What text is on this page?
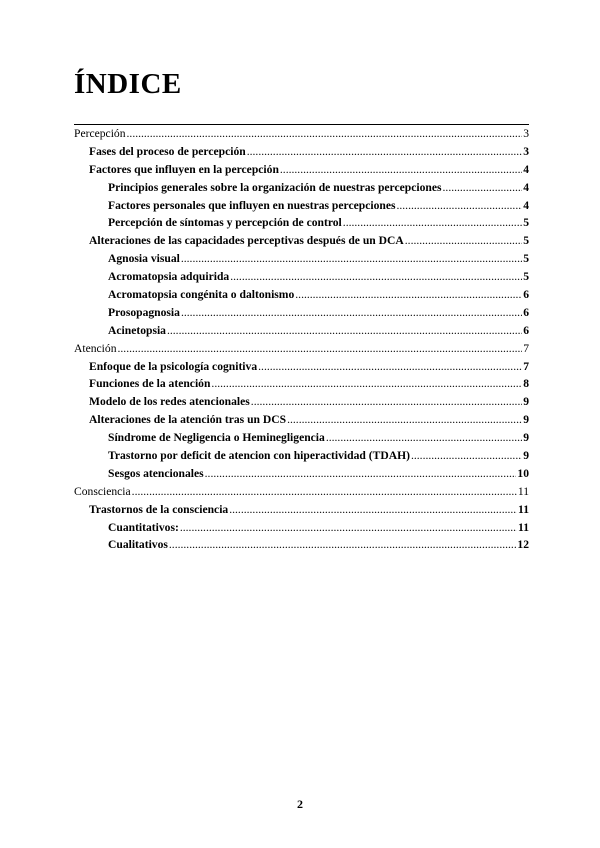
ÍNDICE
Percepción .....	3
Fases del proceso de percepción .....	3
Factores que influyen en la percepción .....	4
Principios generales sobre la organización de nuestras percepciones .....	4
Factores personales que influyen en nuestras percepciones .....	4
Percepción de síntomas y percepción de control .....	5
Alteraciones de las capacidades perceptivas después de un DCA .....	5
Agnosia visual .....	5
Acromatopsia adquirida .....	5
Acromatopsia congénita o daltonismo .....	6
Prosopagnosia .....	6
Acinetopsia .....	6
Atención .....	7
Enfoque de la psicología cognitiva .....	7
Funciones de la atención .....	8
Modelo de los redes atencionales .....	9
Alteraciones de la atención tras un DCS .....	9
Síndrome de Negligencia o Heminegligencia .....	9
Trastorno por deficit de atencion con hiperactividad (TDAH) .....	9
Sesgos atencionales .....	10
Consciencia .....	11
Trastornos de la consciencia .....	11
Cuantitativos: .....	11
Cualitativos .....	12
2
